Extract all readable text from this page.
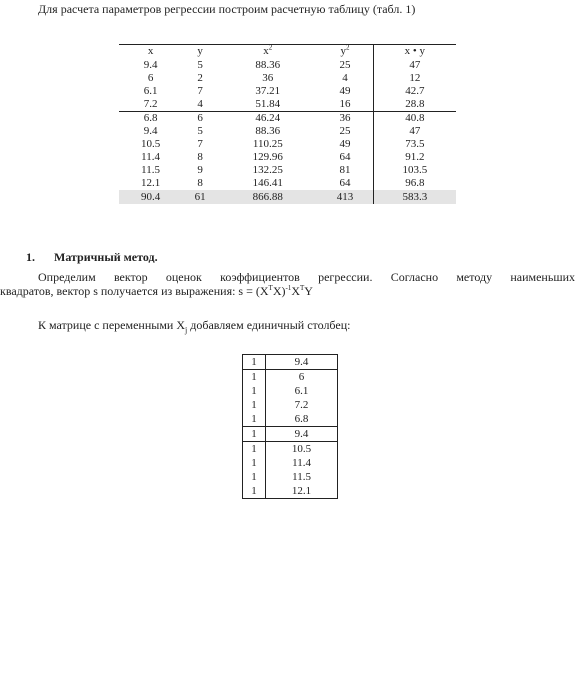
Для расчета параметров регрессии построим расчетную таблицу (табл. 1)
x	y	$x^2$	$y^2$	x • y
9.4	5	88.36	25	47
6	2	36	4	12
6.1	7	37.21	49	42.7
7.2	4	51.84	16	28.8
6.8	6	46.24	36	40.8
9.4	5	88.36	25	47
10.5	7	110.25	49	73.5
11.4	8	129.96	64	91.2
11.5	9	132.25	81	103.5
12.1	8	146.41	64	96.8
90.4	61	866.88	413	583.3
1. Матричный метод.
Определим вектор оценок коэффициентов регрессии. Согласно методу наименьших
квадратов, вектор s получается из выражения: $s = (X^TX)^{-1}X^TY$
К матрице с переменными $X_j$ добавляем единичный столбец:
1	9.4
1	6
1	6.1
1	7.2
1	6.8
1	9.4
1	10.5
1	11.4
1	11.5
1	12.1
